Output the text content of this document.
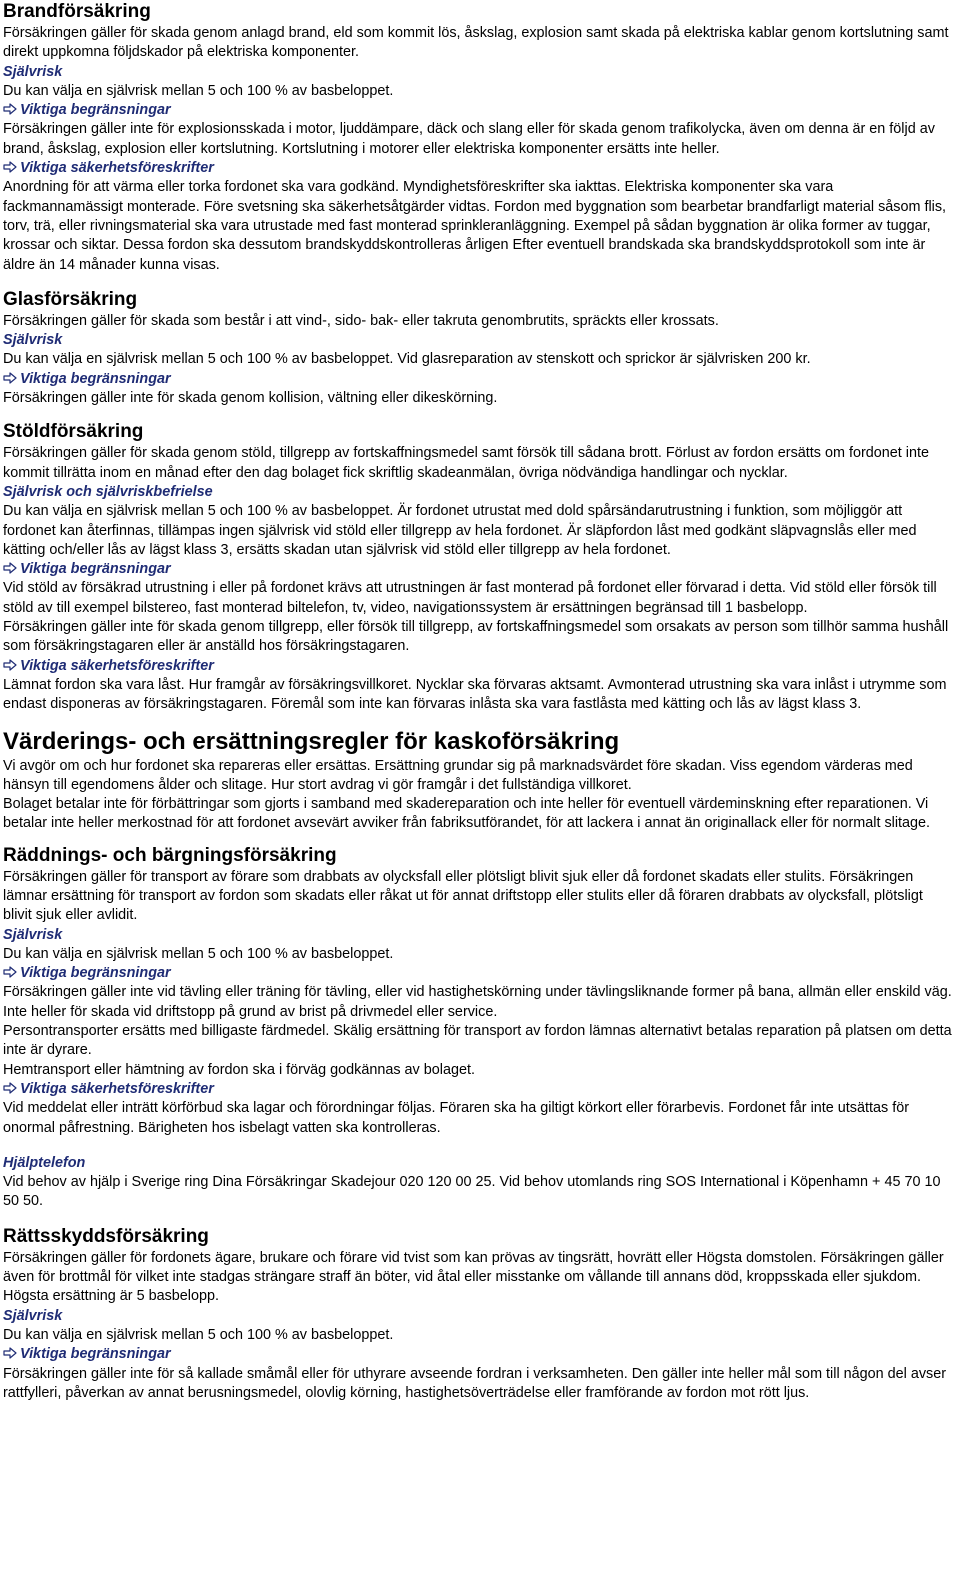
Brandförsäkring

Försäkringen gäller för skada genom anlagd brand, eld som kommit lös, åskslag, explosion samt skada på elektriska kablar genom kortslutning samt direkt uppkomna följdskador på elektriska komponenter.

Självrisk

Du kan välja en självrisk mellan 5 och 100 % av basbeloppet.

Viktiga begränsningar

Försäkringen gäller inte för explosionsskada i motor, ljuddämpare, däck och slang eller för skada genom trafikolycka, även om denna är en följd av brand, åskslag, explosion eller kortslutning. Kortslutning i motorer eller elektriska komponenter ersätts inte heller.

Viktiga säkerhetsföreskrifter

Anordning för att värma eller torka fordonet ska vara godkänd. Myndighetsföreskrifter ska iakttas. Elektriska komponenter ska vara fackmannamässigt monterade. Före svetsning ska säkerhetsåtgärder vidtas. Fordon med byggnation som bearbetar brandfarligt material såsom flis, torv, trä, eller rivningsmaterial ska vara utrustade med fast monterad sprinkleranläggning. Exempel på sådan byggnation är olika former av tuggar, krossar och siktar. Dessa fordon ska dessutom brandskyddskontrolleras årligen Efter eventuell brandskada ska brandskyddsprotokoll som inte är äldre än 14 månader kunna visas.

Glasförsäkring

Försäkringen gäller för skada som består i att vind-, sido- bak- eller takruta genombrutits, spräckts eller krossats.

Självrisk

Du kan välja en självrisk mellan 5 och 100 % av basbeloppet. Vid glasreparation av stenskott och sprickor är självrisken 200 kr.

Viktiga begränsningar

Försäkringen gäller inte för skada genom kollision, vältning eller dikeskörning.

Stöldförsäkring

Försäkringen gäller för skada genom stöld, tillgrepp av fortskaffningsmedel samt försök till sådana brott. Förlust av fordon ersätts om fordonet inte kommit tillrätta inom en månad efter den dag bolaget fick skriftlig skadeanmälan, övriga nödvändiga handlingar och nycklar.

Självrisk och självriskbefrielse

Du kan välja en självrisk mellan 5 och 100 % av basbeloppet. Är fordonet utrustat med dold spårsändarutrustning i funktion, som möjliggör att fordonet kan återfinnas, tillämpas ingen självrisk vid stöld eller tillgrepp av hela fordonet. Är släpfordon låst med godkänt släpvagnslås eller med kätting och/eller lås av lägst klass 3, ersätts skadan utan självrisk vid stöld eller tillgrepp av hela fordonet.

Viktiga begränsningar

Vid stöld av försäkrad utrustning i eller på fordonet krävs att utrustningen är fast monterad på fordonet eller förvarad i detta. Vid stöld eller försök till stöld av till exempel bilstereo, fast monterad biltelefon, tv, video, navigationssystem är ersättningen begränsad till 1 basbelopp.

Försäkringen gäller inte för skada genom tillgrepp, eller försök till tillgrepp, av fortskaffningsmedel som orsakats av person som tillhör samma hushåll som försäkringstagaren eller är anställd hos försäkringstagaren.

Viktiga säkerhetsföreskrifter

Lämnat fordon ska vara låst. Hur framgår av försäkringsvillkoret. Nycklar ska förvaras aktsamt. Avmonterad utrustning ska vara inlåst i utrymme som endast disponeras av försäkringstagaren. Föremål som inte kan förvaras inlåsta ska vara fastlåsta med kätting och lås av lägst klass 3.

Värderings- och ersättningsregler för kaskoförsäkring

Vi avgör om och hur fordonet ska repareras eller ersättas. Ersättning grundar sig på marknadsvärdet före skadan. Viss egendom värderas med hänsyn till egendomens ålder och slitage. Hur stort avdrag vi gör framgår i det fullständiga villkoret.

Bolaget betalar inte för förbättringar som gjorts i samband med skadereparation och inte heller för eventuell värdeminskning efter reparationen. Vi betalar inte heller merkostnad för att fordonet avsevärt avviker från fabriksutförandet, för att lackera i annat än originallack eller för normalt slitage.

Räddnings- och bärgningsförsäkring

Försäkringen gäller för transport av förare som drabbats av olycksfall eller plötsligt blivit sjuk eller då fordonet skadats eller stulits. Försäkringen lämnar ersättning för transport av fordon som skadats eller råkat ut för annat driftstopp eller stulits eller då föraren drabbats av olycksfall, plötsligt blivit sjuk eller avlidit.

Självrisk

Du kan välja en självrisk mellan 5 och 100 % av basbeloppet.

Viktiga begränsningar

Försäkringen gäller inte vid tävling eller träning för tävling, eller vid hastighetskörning under tävlingsliknande former på bana, allmän eller enskild väg. Inte heller för skada vid driftstopp på grund av brist på drivmedel eller service.

Persontransporter ersätts med billigaste färdmedel. Skälig ersättning för transport av fordon lämnas alternativt betalas reparation på platsen om detta inte är dyrare.

Hemtransport eller hämtning av fordon ska i förväg godkännas av bolaget.

Viktiga säkerhetsföreskrifter

Vid meddelat eller inträtt körförbud ska lagar och förordningar följas. Föraren ska ha giltigt körkort eller förarbevis. Fordonet får inte utsättas för onormal påfrestning. Bärigheten hos isbelagt vatten ska kontrolleras.

Hjälptelefon

Vid behov av hjälp i Sverige ring Dina Försäkringar Skadejour 020 120 00 25. Vid behov utomlands ring SOS International i Köpenhamn + 45 70 10 50 50.

Rättsskyddsförsäkring

Försäkringen gäller för fordonets ägare, brukare och förare vid tvist som kan prövas av tingsrätt, hovrätt eller Högsta domstolen. Försäkringen gäller även för brottmål för vilket inte stadgas strängare straff än böter, vid åtal eller misstanke om vållande till annans död, kroppsskada eller sjukdom. Högsta ersättning är 5 basbelopp.

Självrisk

Du kan välja en självrisk mellan 5 och 100 % av basbeloppet.

Viktiga begränsningar

Försäkringen gäller inte för så kallade småmål eller för uthyrare avseende fordran i verksamheten. Den gäller inte heller mål som till någon del avser rattfylleri, påverkan av annat berusningsmedel, olovlig körning, hastighetsöverträdelse eller framförande av fordon mot rött ljus.
